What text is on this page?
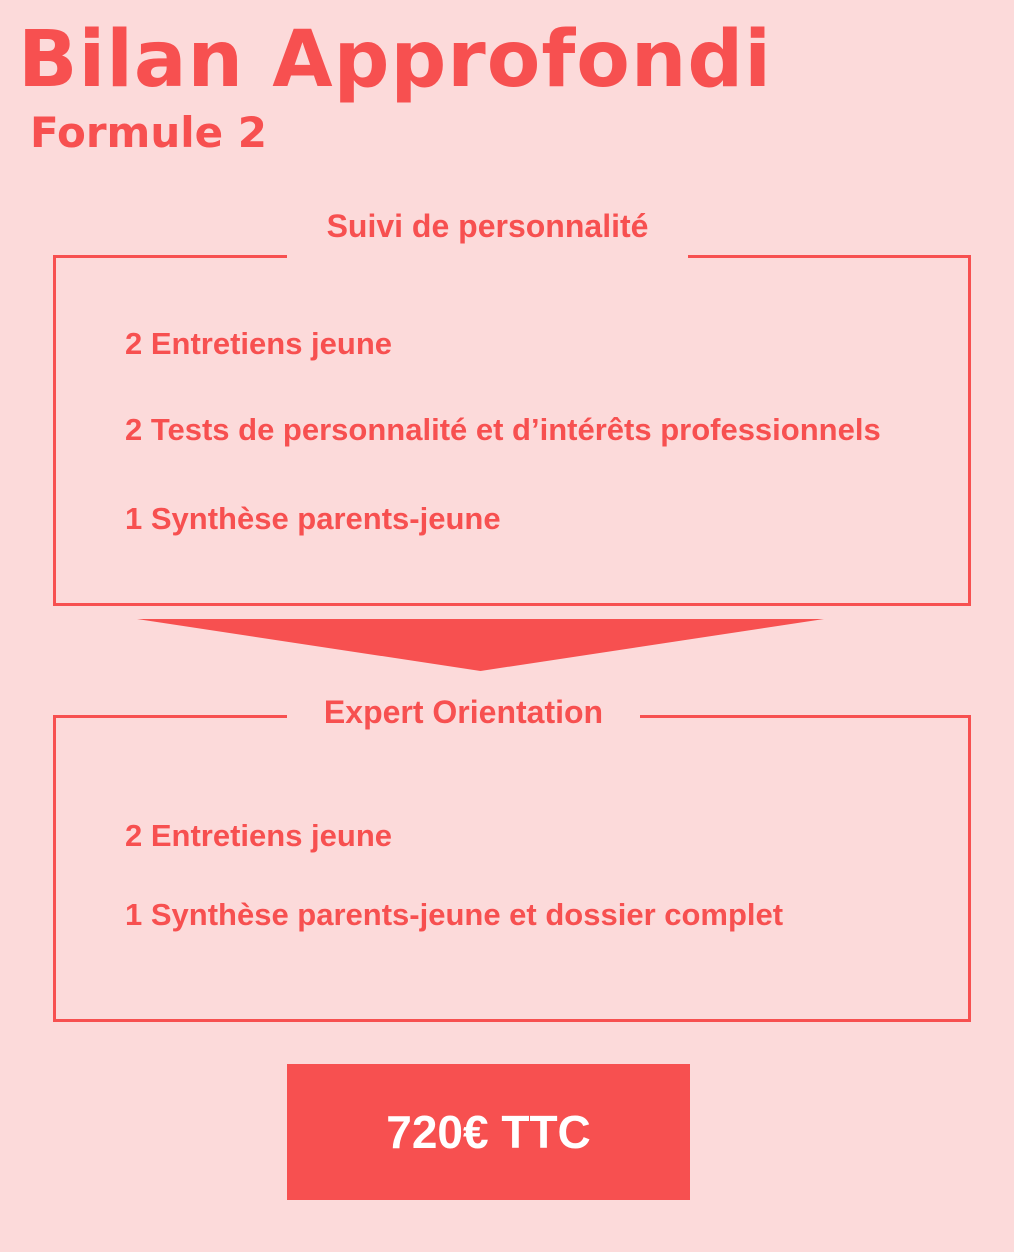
Bilan Approfondi
Formule 2
Suivi de personnalité

2 Entretiens jeune

2 Tests de personnalité et d’intérêts professionnels

1 Synthèse parents-jeune

Expert Orientation

2 Entretiens jeune

1 Synthèse parents-jeune et dossier complet

720€ TTC
